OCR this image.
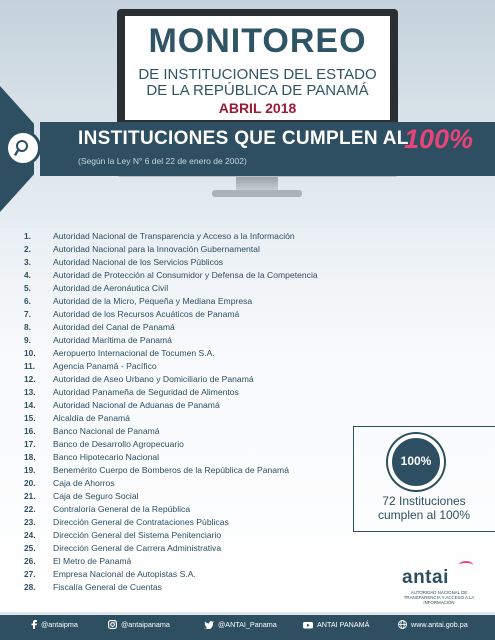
MONITOREO
DE INSTITUCIONES DEL ESTADO
DE LA REPÚBLICA DE PANAMÁ
ABRIL 2018
INSTITUCIONES QUE CUMPLEN AL
100%
(Según la Ley N° 6 del 22 de enero de 2002)
1.	Autoridad Nacional de Transparencia y Acceso a la Información
2.	Autoridad Nacional para la Innovación Gubernamental
3.	Autoridad Nacional de los Servicios Públicos
4.	Autoridad de Protección al Consumidor y Defensa de la Competencia
5.	Autoridad de Aeronáutica Civil
6.	Autoridad de la Micro, Pequeña y Mediana Empresa
7.	Autoridad de los Recursos Acuáticos de Panamá
8.	Autoridad del Canal de Panamá
9.	Autoridad Marítima de Panamá
10.	Aeropuerto Internacional de Tocumen S.A.
11.	Agencia Panamá - Pacífico
12.	Autoridad de Aseo Urbano y Domiciliario de Panamá
13.	Autoridad Panameña de Seguridad de Alimentos
14.	Autoridad Nacional de Aduanas de Panamá
15.	Alcaldía de Panamá
16.	Banco Nacional de Panamá
17.	Banco de Desarrollo Agropecuario
18.	Banco Hipotecario Nacional
19.	Benemérito Cuerpo de Bomberos de la República de Panamá
20.	Caja de Ahorros
21.	Caja de Seguro Social
22.	Contraloría General de la República
23.	Dirección General de Contrataciones Públicas
24.	Dirección General del Sistema Penitenciario
25.	Dirección General de Carrera Administrativa
26.	El Metro de Panamá
27.	Empresa Nacional de Autopistas S.A.
28.	Fiscalía General de Cuentas
100%
72 Instituciones
cumplen al 100%
antai
AUTORIDAD NACIONAL DE TRANSPARENCIA Y ACCESO A LA INFORMACIÓN
@antaipma	@antaipanama	@ANTAI_Panama	ANTAI PANAMÁ	www.antai.gob.pa
